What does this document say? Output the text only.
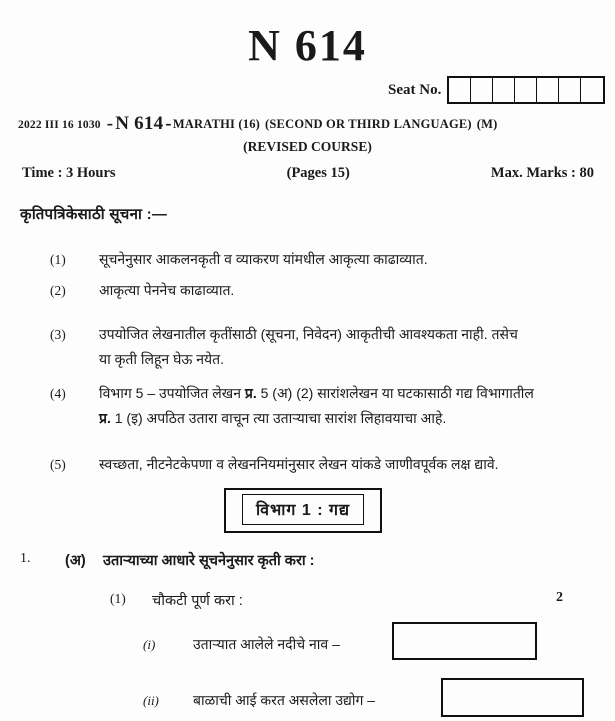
N 614
Seat No.
2022 III 16 1030 - N 614 - MARATHI (16) (SECOND OR THIRD LANGUAGE) (M)
(REVISED COURSE)
Time : 3 Hours	(Pages 15)	Max. Marks : 80
कृतिपत्रिकेसाठी सूचना :—
(1)	सूचनेनुसार आकलनकृती व व्याकरण यांमधील आकृत्या काढाव्यात.
(2)	आकृत्या पेननेच काढाव्यात.
(3)	उपयोजित लेखनातील कृतींसाठी (सूचना, निवेदन) आकृतीची आवश्यकता नाही. तसेच
या कृती लिहून घेऊ नयेत.
(4)	विभाग 5 – उपयोजित लेखन प्र. 5 (अ) (2) सारांशलेखन या घटकासाठी गद्य विभागातील
प्र. 1 (इ) अपठित उतारा वाचून त्या उताऱ्याचा सारांश लिहावयाचा आहे.
(5)	स्वच्छता, नीटनेटकेपणा व लेखननियमांनुसार लेखन यांकडे जाणीवपूर्वक लक्ष द्यावे.
विभाग 1 : गद्य
1. (अ) उताऱ्याच्या आधारे सूचनेनुसार कृती करा :
(1) चौकटी पूर्ण करा :	2
(i)	उताऱ्यात आलेले नदीचे नाव –
(ii) बाळाची आई करत असलेला उद्योग –
